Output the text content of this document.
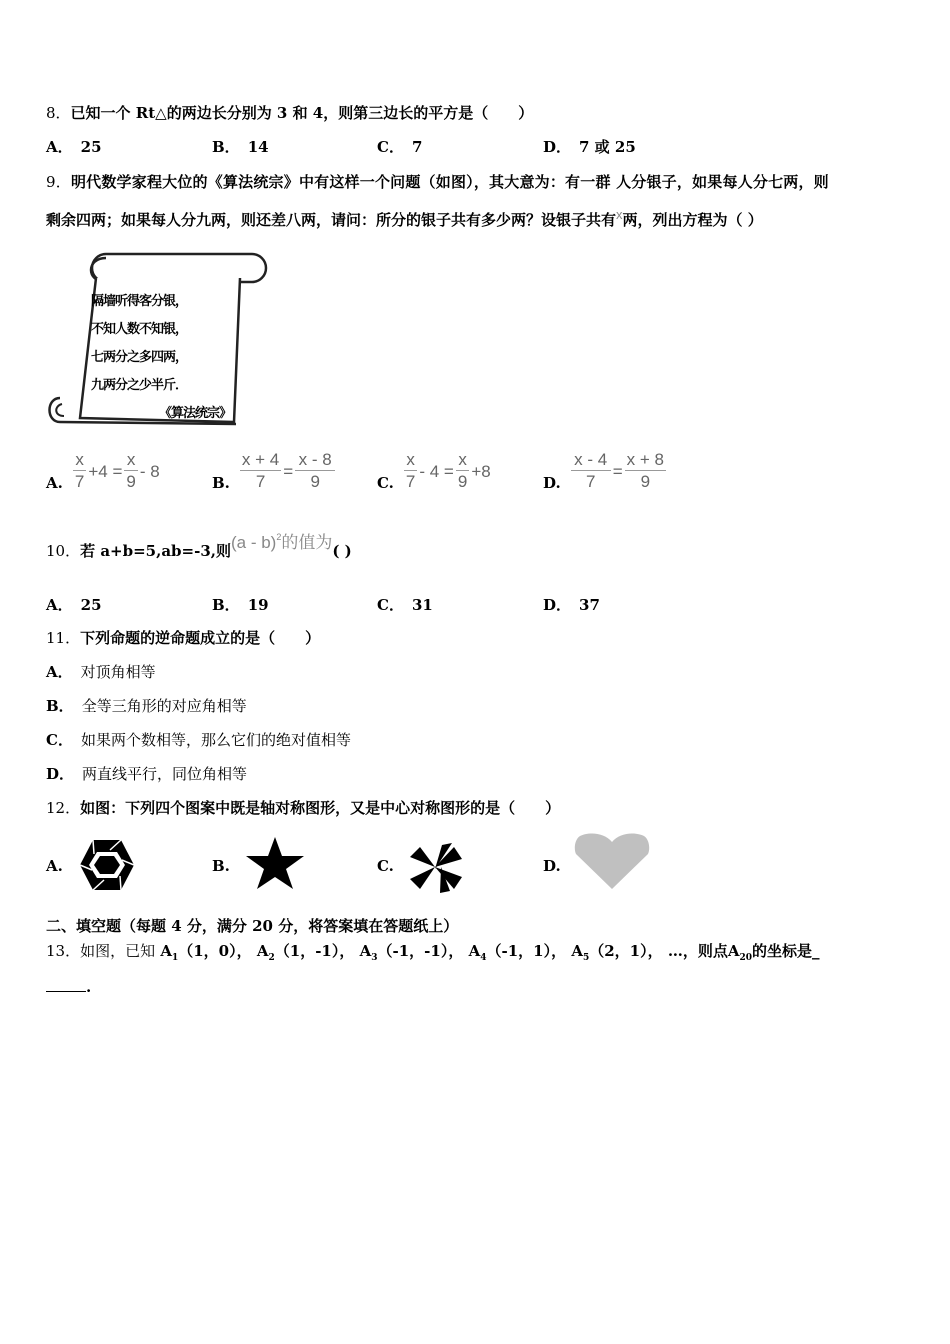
8．已知一个 Rt△的两边长分别为 3 和 4，则第三边长的平方是（　　）
A． 25	B． 14	C． 7	D． 7 或 25
9．明代数学家程大位的《算法统宗》中有这样一个问题（如图），其大意为：有一群 人分银子，如果每人分七两，则
剩余四两；如果每人分九两，则还差八两，请问：所分的银子共有多少两？设银子共有$^x$两，列出方程为（ ）
隔墙听得客分银，
不知人数不知银，
七两分之多四两，
九两分之少半斤．
《算法统宗》
A. $\frac{x}{7} +4 = \frac{x}{9} - 8$
B. $\frac{x + 4}{7} = \frac{x - 8}{9}$	C. $\frac{x}{7} - 4 = \frac{x}{9} +8$
D. $\frac{x - 4}{7} = \frac{x + 8}{9}$
10．若 a+b=5,ab=-3,则(a - b)$^2$的值为( )
A． 25	B． 19	C． 31	D． 37
11．下列命题的逆命题成立的是（　　）
A． 对顶角相等
B． 全等三角形的对应角相等
C． 如果两个数相等，那么它们的绝对值相等
D． 两直线平行，同位角相等
12．如图：下列四个图案中既是轴对称图形，又是中心对称图形的是（　　）
A.	B.	C.	D.
二、填空题（每题 4 分，满分 20 分，将答案填在答题纸上）
13．如图，已知 $A_1(1$，0）， $A_2(1$，-1）， $A_3(-1$，-1）， $A_4(-1$，1）， $A_5(2$，1）， …，则点$A_{20}$的坐标是_
.
